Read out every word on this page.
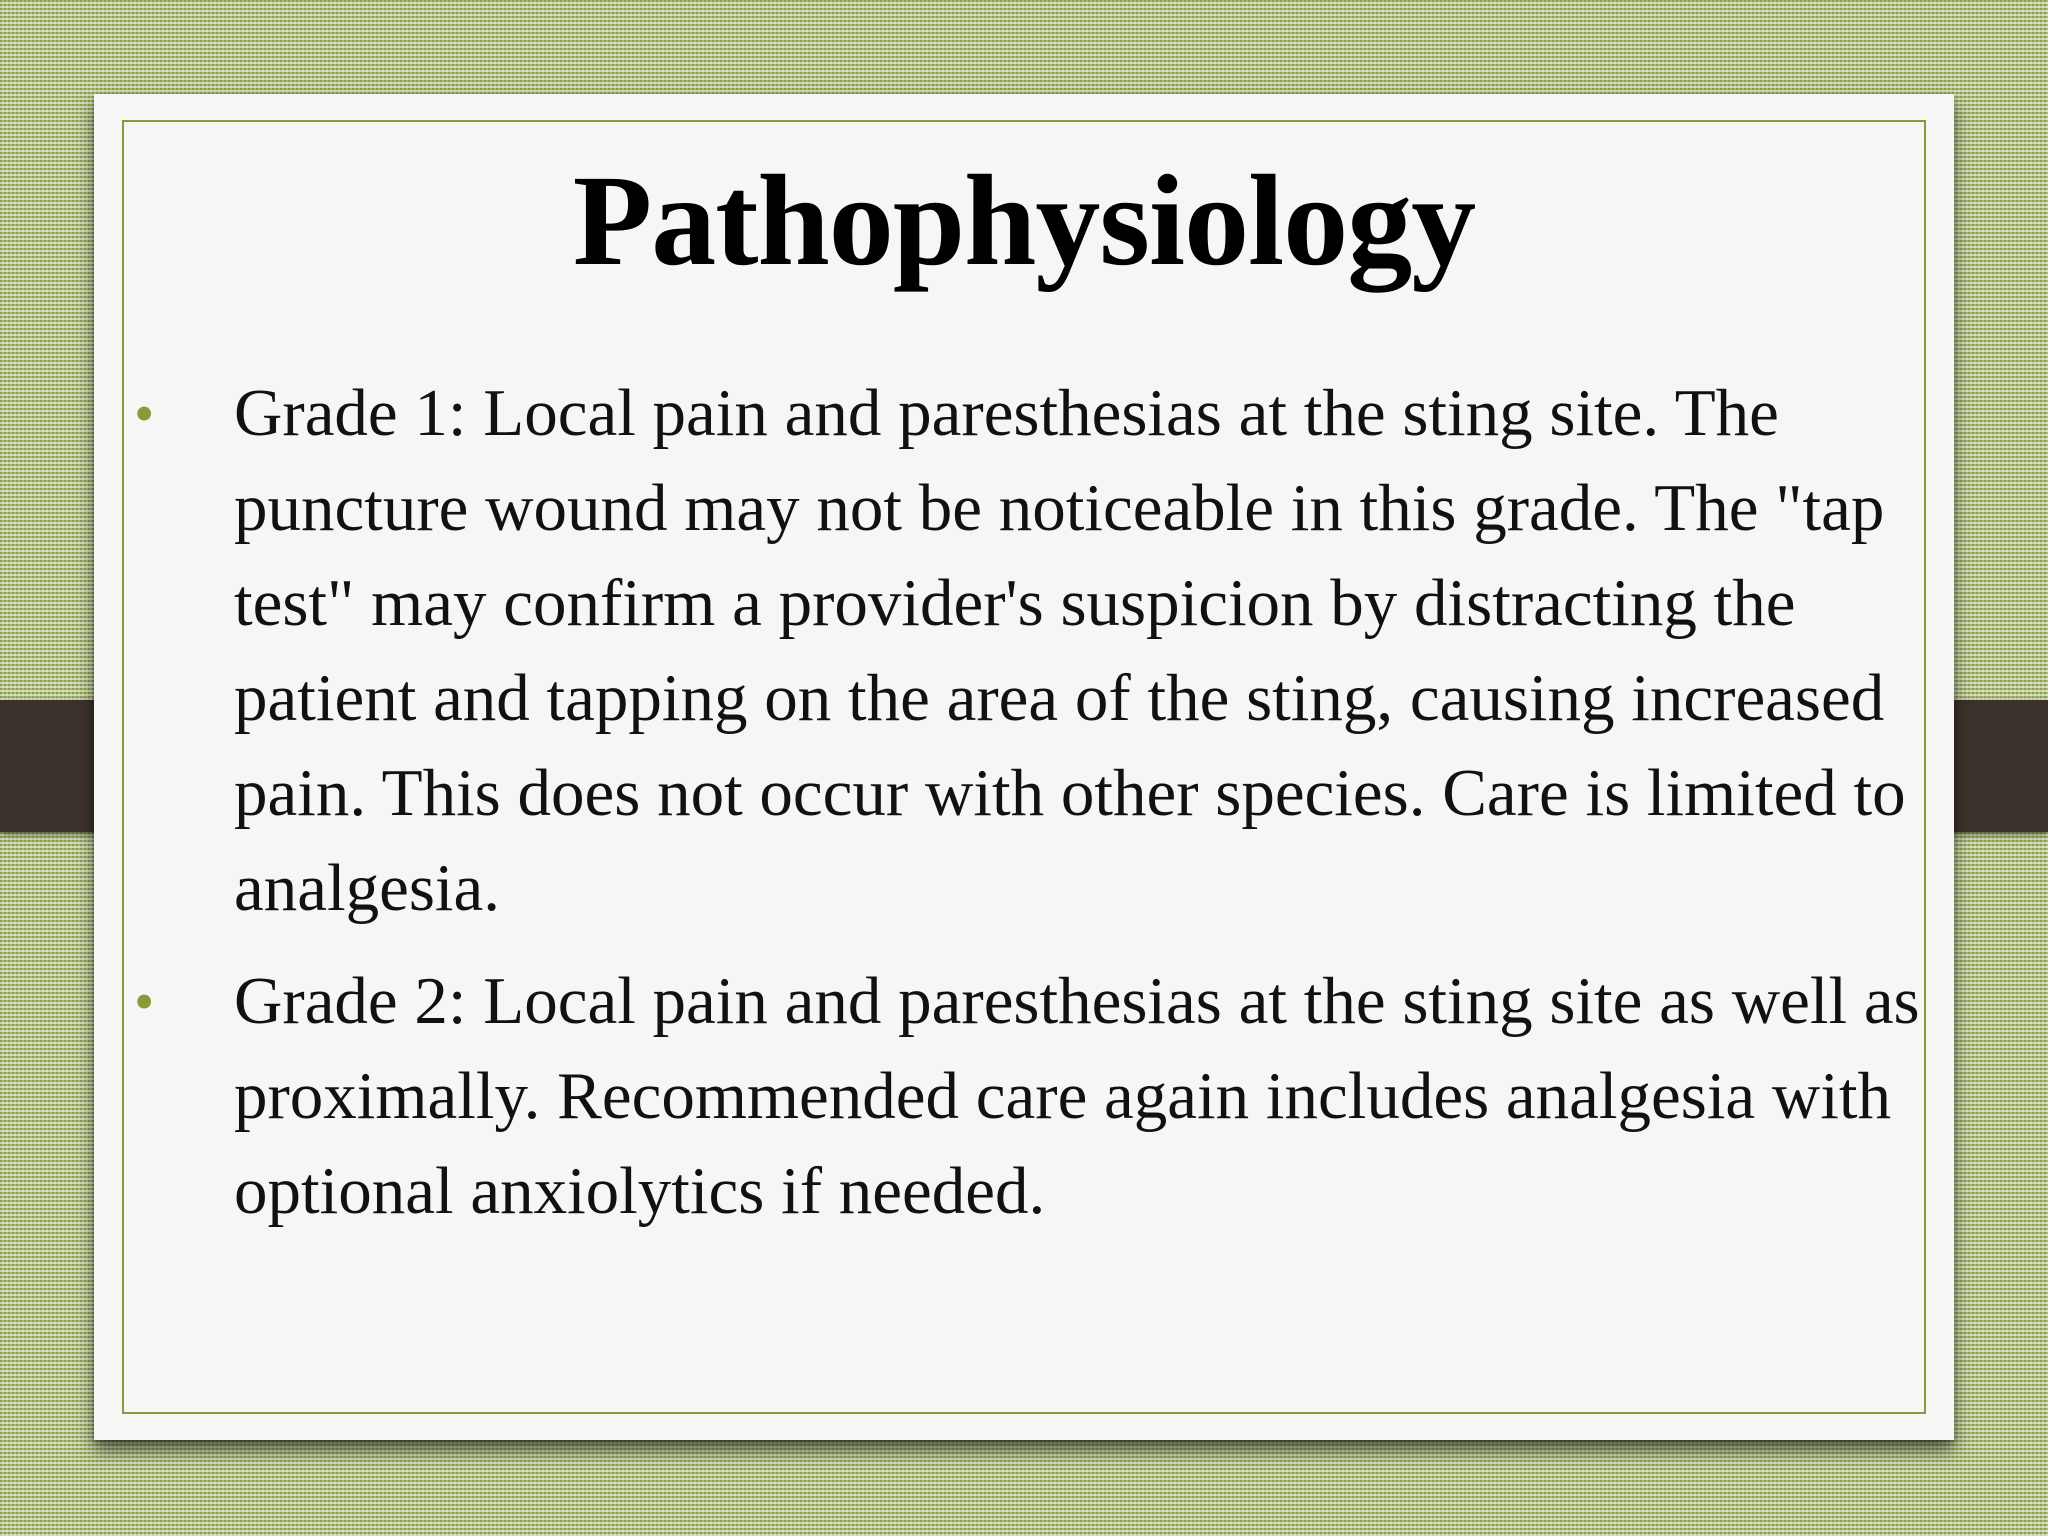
Pathophysiology
• Grade 1: Local pain and paresthesias at the sting site. The puncture wound may not be noticeable in this grade. The "tap test" may confirm a provider's suspicion by distracting the patient and tapping on the area of the sting, causing increased pain. This does not occur with other species. Care is limited to analgesia.
• Grade 2: Local pain and paresthesias at the sting site as well as proximally. Recommended care again includes analgesia with optional anxiolytics if needed.
